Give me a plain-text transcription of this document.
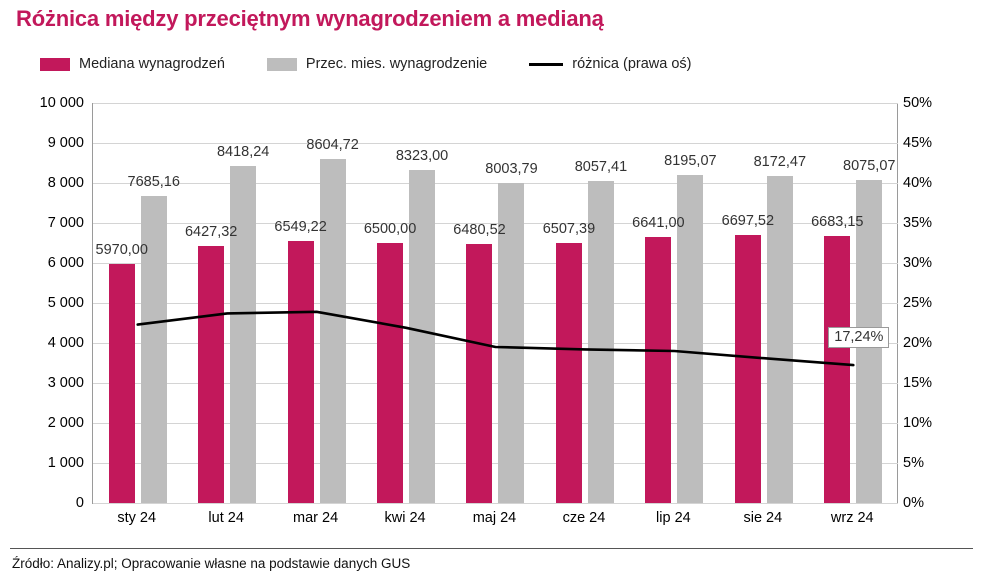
Różnica między przeciętnym wynagrodzeniem a medianą
Mediana wynagrodzeń	Przec. mies. wynagrodzenie	różnica (prawa oś)
0
1 000
2 000
3 000
4 000
5 000
6 000
7 000
8 000
9 000
10 000
0%
5%
10%
15%
20%
25%
30%
35%
40%
45%
50%
5970,00
7685,16
6427,32
8418,24
6549,22
8604,72
6500,00
8323,00
6480,52
8003,79
6507,39
8057,41
6641,00
8195,07
6697,52
8172,47
6683,15
8075,07
sty 24	lut 24	mar 24	kwi 24	maj 24	cze 24	lip 24	sie 24	wrz 24
17,24%
Źródło: Analizy.pl; Opracowanie własne na podstawie danych GUS
